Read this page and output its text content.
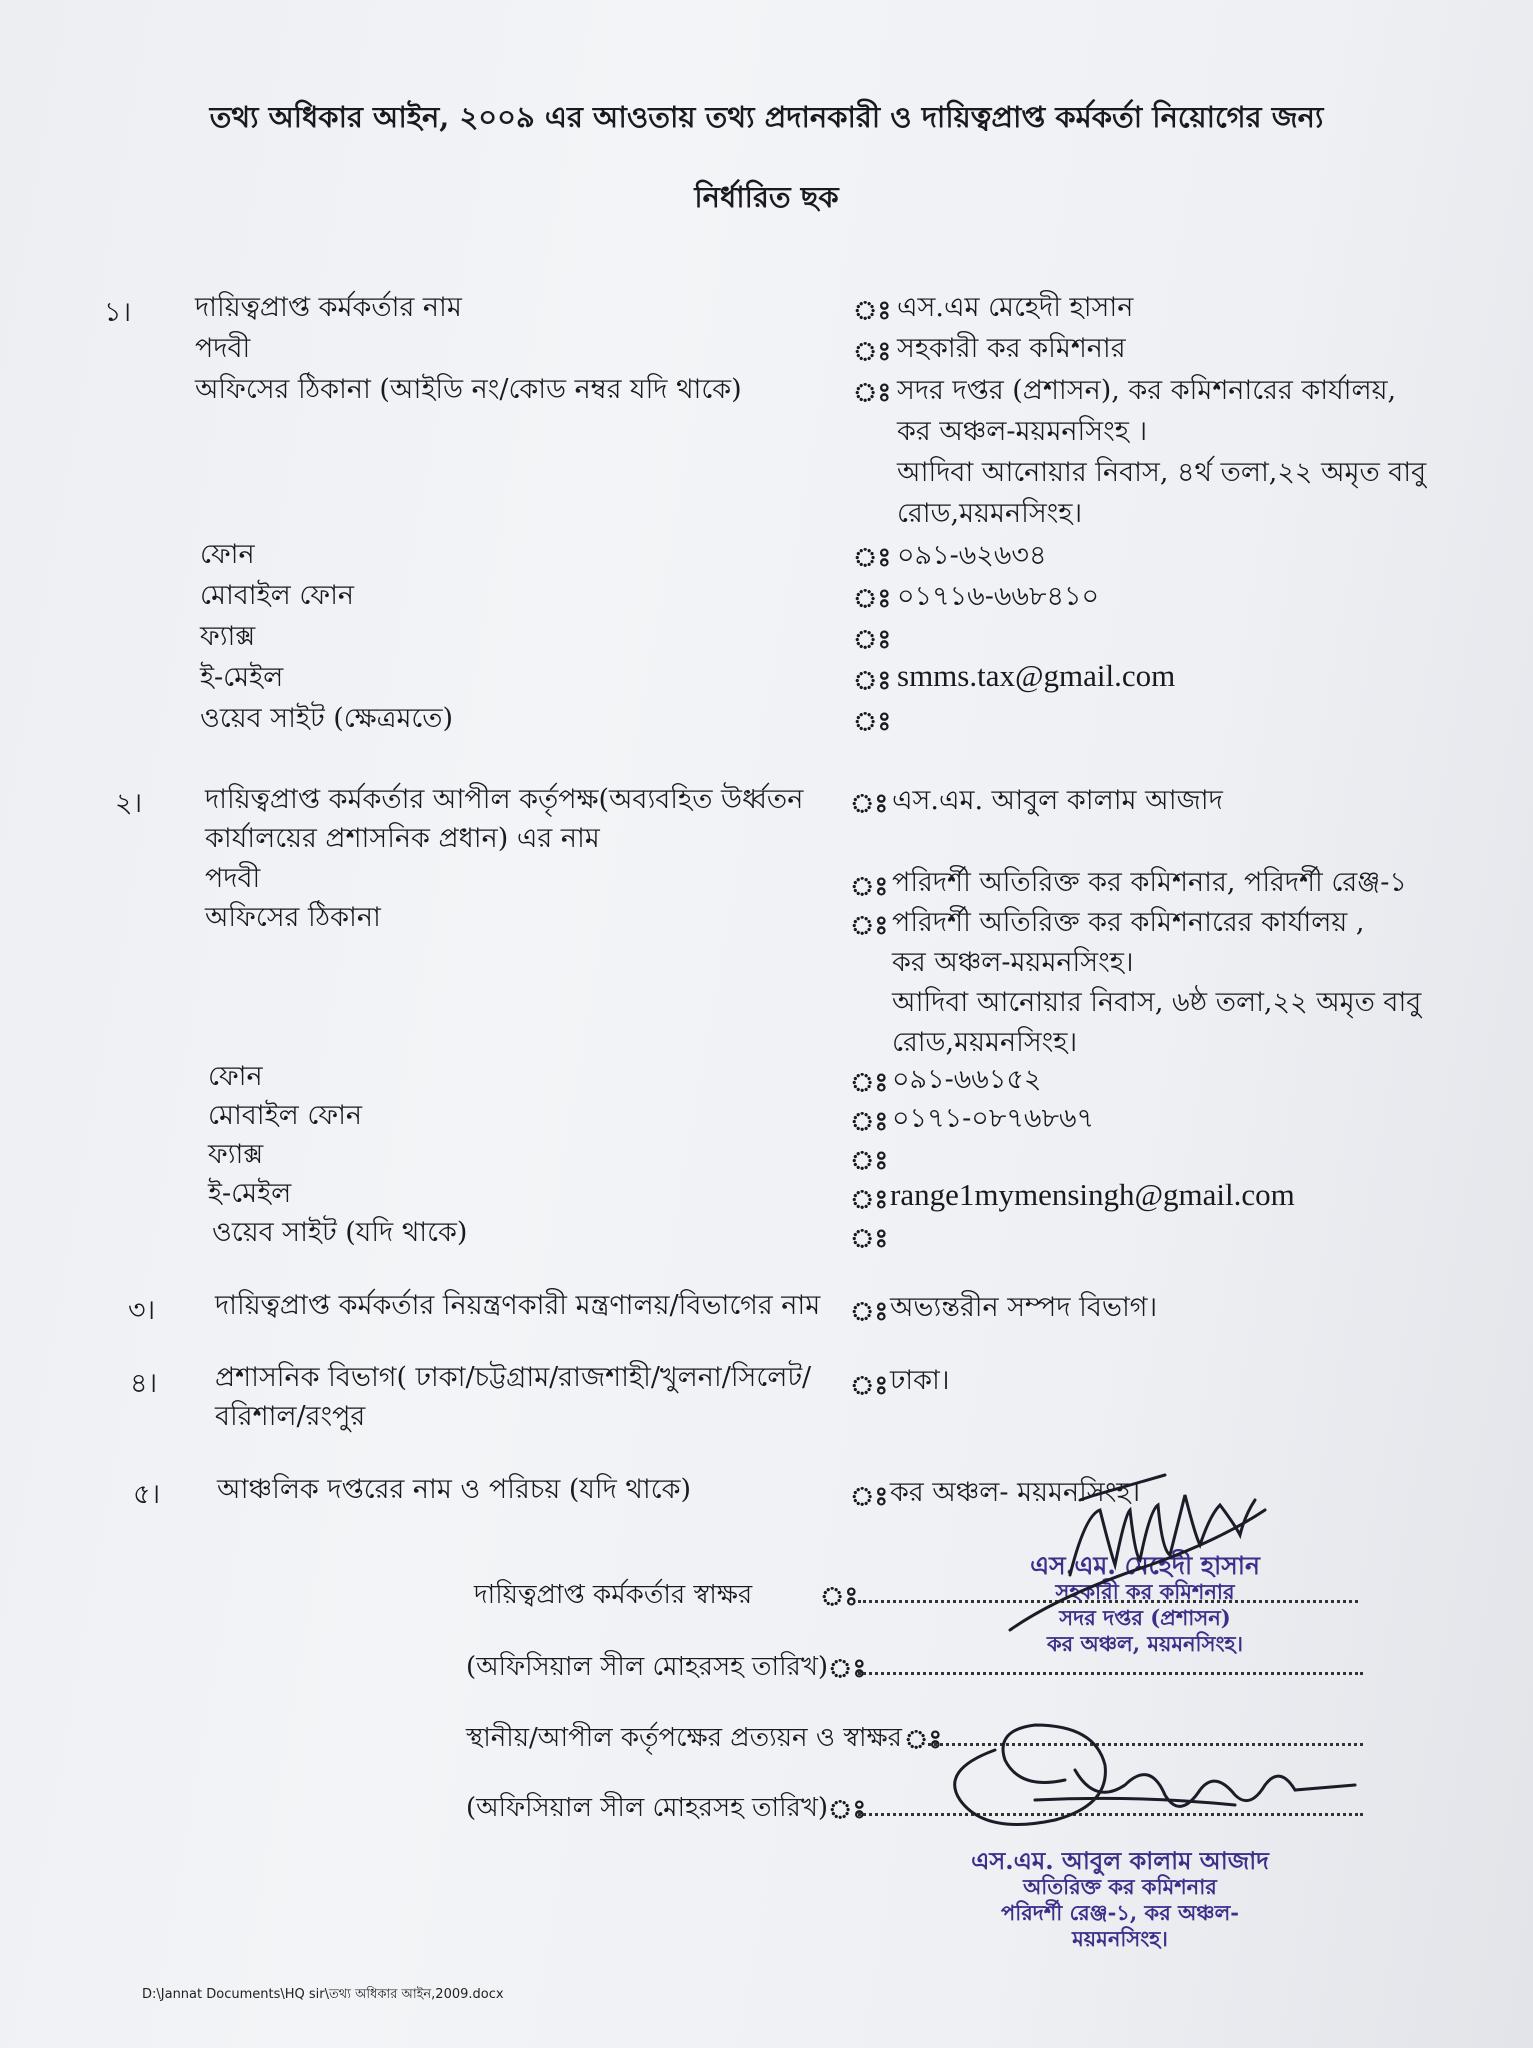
তথ্য অধিকার আইন, ২০০৯ এর আওতায় তথ্য প্রদানকারী ও দায়িত্বপ্রাপ্ত কর্মকর্তা নিয়োগের জন্য
নির্ধারিত ছক
১। দায়িত্বপ্রাপ্ত কর্মকর্তার নাম	ঃ এস.এম মেহেদী হাসান
পদবী	ঃ সহকারী কর কমিশনার
অফিসের ঠিকানা (আইডি নং/কোড নম্বর যদি থাকে)	ঃ সদর দপ্তর (প্রশাসন), কর কমিশনারের কার্যালয়,
কর অঞ্চল-ময়মনসিংহ ।
আদিবা আনোয়ার নিবাস, ৪র্থ তলা,২২ অমৃত বাবু
রোড,ময়মনসিংহ।
ফোন	ঃ ০৯১-৬২৬৩৪
মোবাইল ফোন	ঃ ০১৭১৬-৬৬৮৪১০
ফ্যাক্স	ঃ
ই-মেইল	ঃ smms.tax@gmail.com
ওয়েব সাইট (ক্ষেত্রমতে)	ঃ
২। দায়িত্বপ্রাপ্ত কর্মকর্তার আপীল কর্তৃপক্ষ(অব্যবহিত উর্ধ্বতন
কার্যালয়ের প্রশাসনিক প্রধান) এর নাম
ঃ এস.এম. আবুল কালাম আজাদ
পদবী	ঃ পরিদর্শী অতিরিক্ত কর কমিশনার, পরিদর্শী রেঞ্জ-১
অফিসের ঠিকানা	ঃ পরিদর্শী অতিরিক্ত কর কমিশনারের কার্যালয় ,
কর অঞ্চল-ময়মনসিংহ।
আদিবা আনোয়ার নিবাস, ৬ষ্ঠ তলা,২২ অমৃত বাবু
রোড,ময়মনসিংহ।
ফোন	ঃ ০৯১-৬৬১৫২
মোবাইল ফোন	ঃ ০১৭১-০৮৭৬৮৬৭
ফ্যাক্স	ঃ
ই-মেইল	ঃ range1mymensingh@gmail.com
ওয়েব সাইট (যদি থাকে)	ঃ
৩। দায়িত্বপ্রাপ্ত কর্মকর্তার নিয়ন্ত্রণকারী মন্ত্রণালয়/বিভাগের নাম ঃ অভ্যন্তরীন সম্পদ বিভাগ।
৪। প্রশাসনিক বিভাগ( ঢাকা/চট্টগ্রাম/রাজশাহী/খুলনা/সিলেট/
বরিশাল/রংপুর
ঃ ঢাকা।
৫। আঞ্চলিক দপ্তরের নাম ও পরিচয় (যদি থাকে)	ঃ কর অঞ্চল- ময়মনসিংহ।
দায়িত্বপ্রাপ্ত কর্মকর্তার স্বাক্ষর	ঃ
(অফিসিয়াল সীল মোহরসহ তারিখ) ঃ
স্থানীয়/আপীল কর্তৃপক্ষের প্রত্যয়ন ও স্বাক্ষর ঃ
(অফিসিয়াল সীল মোহরসহ তারিখ) ঃ
এস.এম. মেহেদী হাসান
সহকারী কর কমিশনার
সদর দপ্তর (প্রশাসন)
কর অঞ্চল, ময়মনসিংহ।
এস.এম. আবুল কালাম আজাদ
অতিরিক্ত কর কমিশনার
পরিদর্শী রেঞ্জ-১, কর অঞ্চল-ময়মনসিংহ।
D:\Jannat Documents\HQ sir\তথ্য অধিকার আইন,2009.docx
